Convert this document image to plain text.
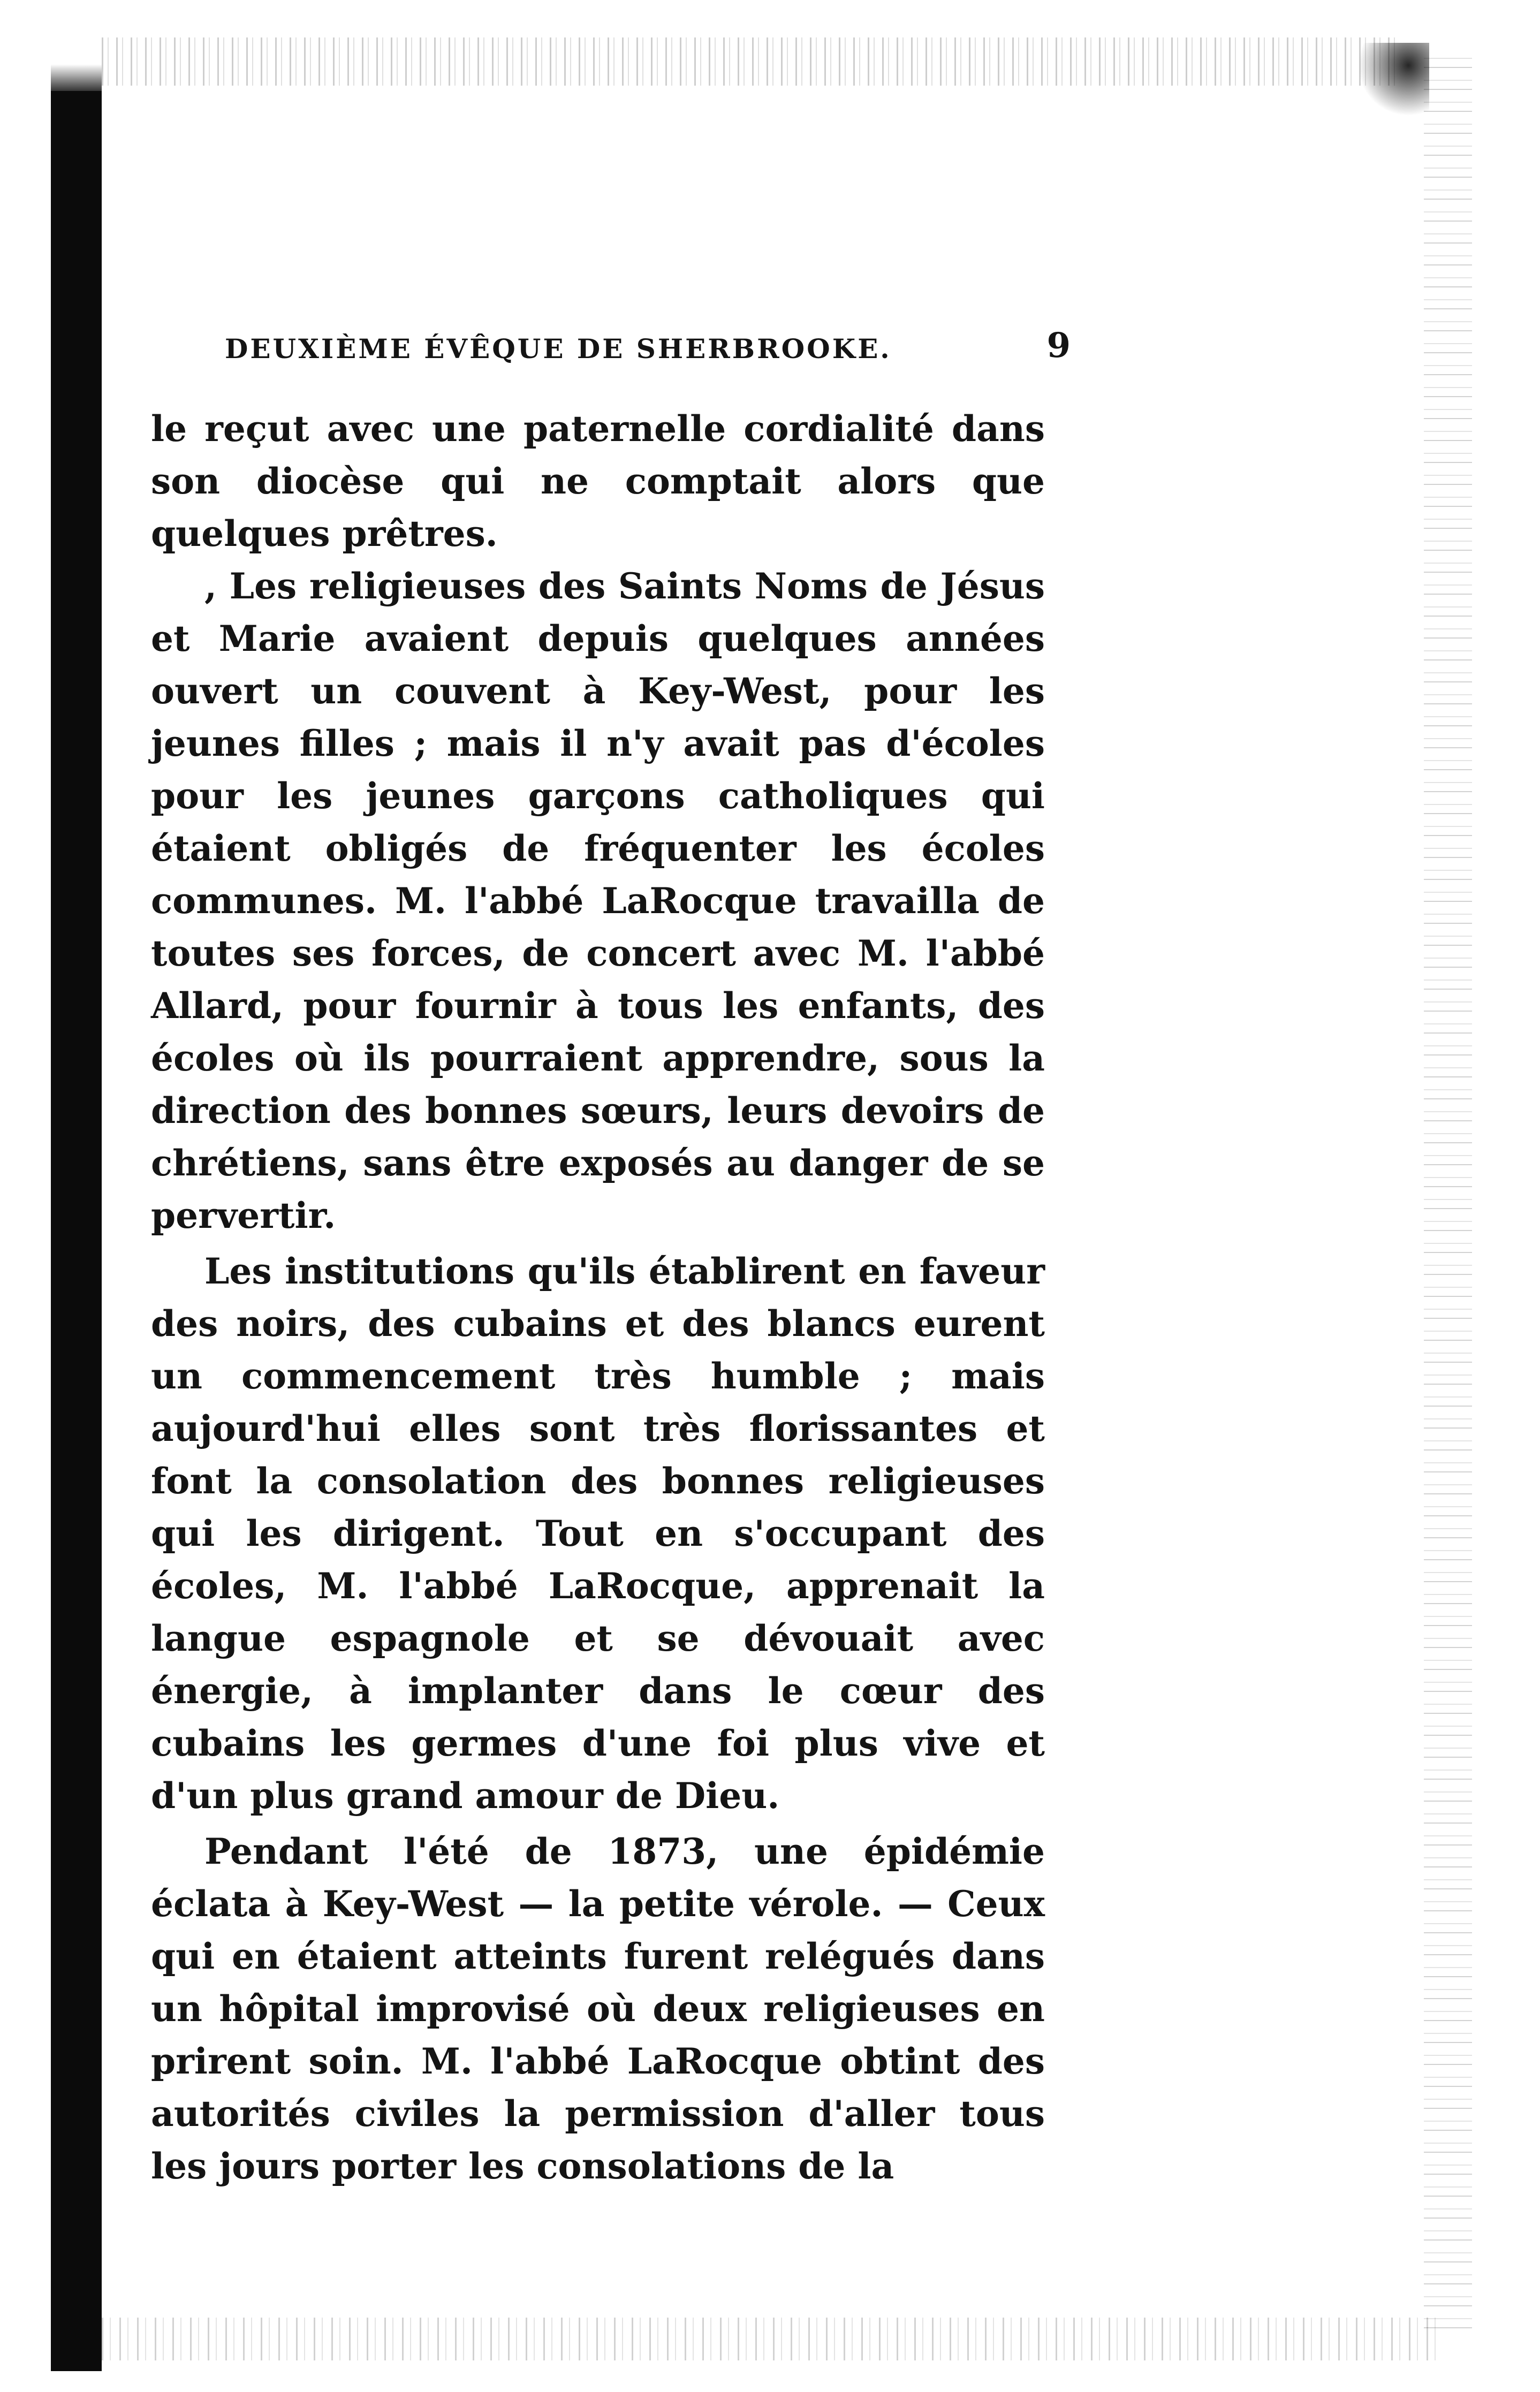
DEUXIÈME ÉVÊQUE DE SHERBROOKE.	9

le reçut avec une paternelle cordialité dans son diocèse qui ne comptait alors que quelques prêtres.

, Les religieuses des Saints Noms de Jésus et Marie avaient depuis quelques années ouvert un couvent à Key-West, pour les jeunes filles ; mais il n'y avait pas d'écoles pour les jeunes garçons catholiques qui étaient obligés de fréquenter les écoles communes. M. l'abbé LaRocque travailla de toutes ses forces, de concert avec M. l'abbé Allard, pour fournir à tous les enfants, des écoles où ils pourraient apprendre, sous la direction des bonnes sœurs, leurs devoirs de chrétiens, sans être exposés au danger de se pervertir.

Les institutions qu'ils établirent en faveur des noirs, des cubains et des blancs eurent un commencement très humble ; mais aujourd'hui elles sont très florissantes et font la consolation des bonnes religieuses qui les dirigent. Tout en s'occupant des écoles, M. l'abbé LaRocque, apprenait la langue espagnole et se dévouait avec énergie, à implanter dans le cœur des cubains les germes d'une foi plus vive et d'un plus grand amour de Dieu.

Pendant l'été de 1873, une épidémie éclata à Key-West — la petite vérole. — Ceux qui en étaient atteints furent relégués dans un hôpital improvisé où deux religieuses en prirent soin. M. l'abbé LaRocque obtint des autorités civiles la permission d'aller tous les jours porter les consolations de la
